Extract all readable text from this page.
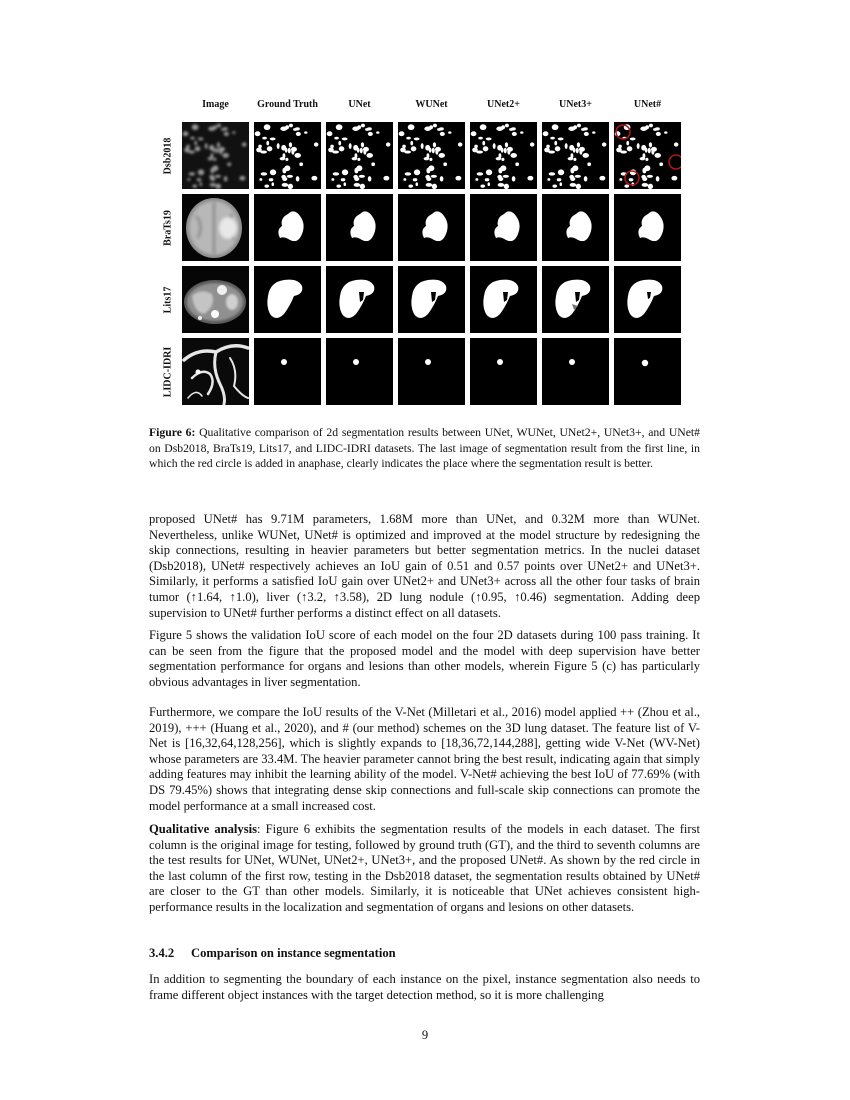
Image	Ground Truth	UNet	WUNet	UNet2+	UNet3+	UNet#
Dsb2018
BraTs19
Lits17
LIDC-IDRI
Figure 6: Qualitative comparison of 2d segmentation results between UNet, WUNet, UNet2+, UNet3+, and UNet# on Dsb2018, BraTs19, Lits17, and LIDC-IDRI datasets. The last image of segmentation result from the first line, in which the red circle is added in anaphase, clearly indicates the place where the segmentation result is better.

proposed UNet# has 9.71M parameters, 1.68M more than UNet, and 0.32M more than WUNet. Nevertheless, unlike WUNet, UNet# is optimized and improved at the model structure by redesigning the skip connections, resulting in heavier parameters but better segmentation metrics. In the nuclei dataset (Dsb2018), UNet# respectively achieves an IoU gain of 0.51 and 0.57 points over UNet2+ and UNet3+. Similarly, it performs a satisfied IoU gain over UNet2+ and UNet3+ across all the other four tasks of brain tumor (↑1.64, ↑1.0), liver (↑3.2, ↑3.58), 2D lung nodule (↑0.95, ↑0.46) segmentation. Adding deep supervision to UNet# further performs a distinct effect on all datasets.

Figure 5 shows the validation IoU score of each model on the four 2D datasets during 100 pass training. It can be seen from the figure that the proposed model and the model with deep supervision have better segmentation performance for organs and lesions than other models, wherein Figure 5 (c) has particularly obvious advantages in liver segmentation.

Furthermore, we compare the IoU results of the V-Net (Milletari et al., 2016) model applied ++ (Zhou et al., 2019), +++ (Huang et al., 2020), and # (our method) schemes on the 3D lung dataset. The feature list of V-Net is [16,32,64,128,256], which is slightly expands to [18,36,72,144,288], getting wide V-Net (WV-Net) whose parameters are 33.4M. The heavier parameter cannot bring the best result, indicating again that simply adding features may inhibit the learning ability of the model. V-Net# achieving the best IoU of 77.69% (with DS 79.45%) shows that integrating dense skip connections and full-scale skip connections can promote the model performance at a small increased cost.

Qualitative analysis: Figure 6 exhibits the segmentation results of the models in each dataset. The first column is the original image for testing, followed by ground truth (GT), and the third to seventh columns are the test results for UNet, WUNet, UNet2+, UNet3+, and the proposed UNet#. As shown by the red circle in the last column of the first row, testing in the Dsb2018 dataset, the segmentation results obtained by UNet# are closer to the GT than other models. Similarly, it is noticeable that UNet achieves consistent high-performance results in the localization and segmentation of organs and lesions on other datasets.

3.4.2 Comparison on instance segmentation

In addition to segmenting the boundary of each instance on the pixel, instance segmentation also needs to frame different object instances with the target detection method, so it is more challenging

9
